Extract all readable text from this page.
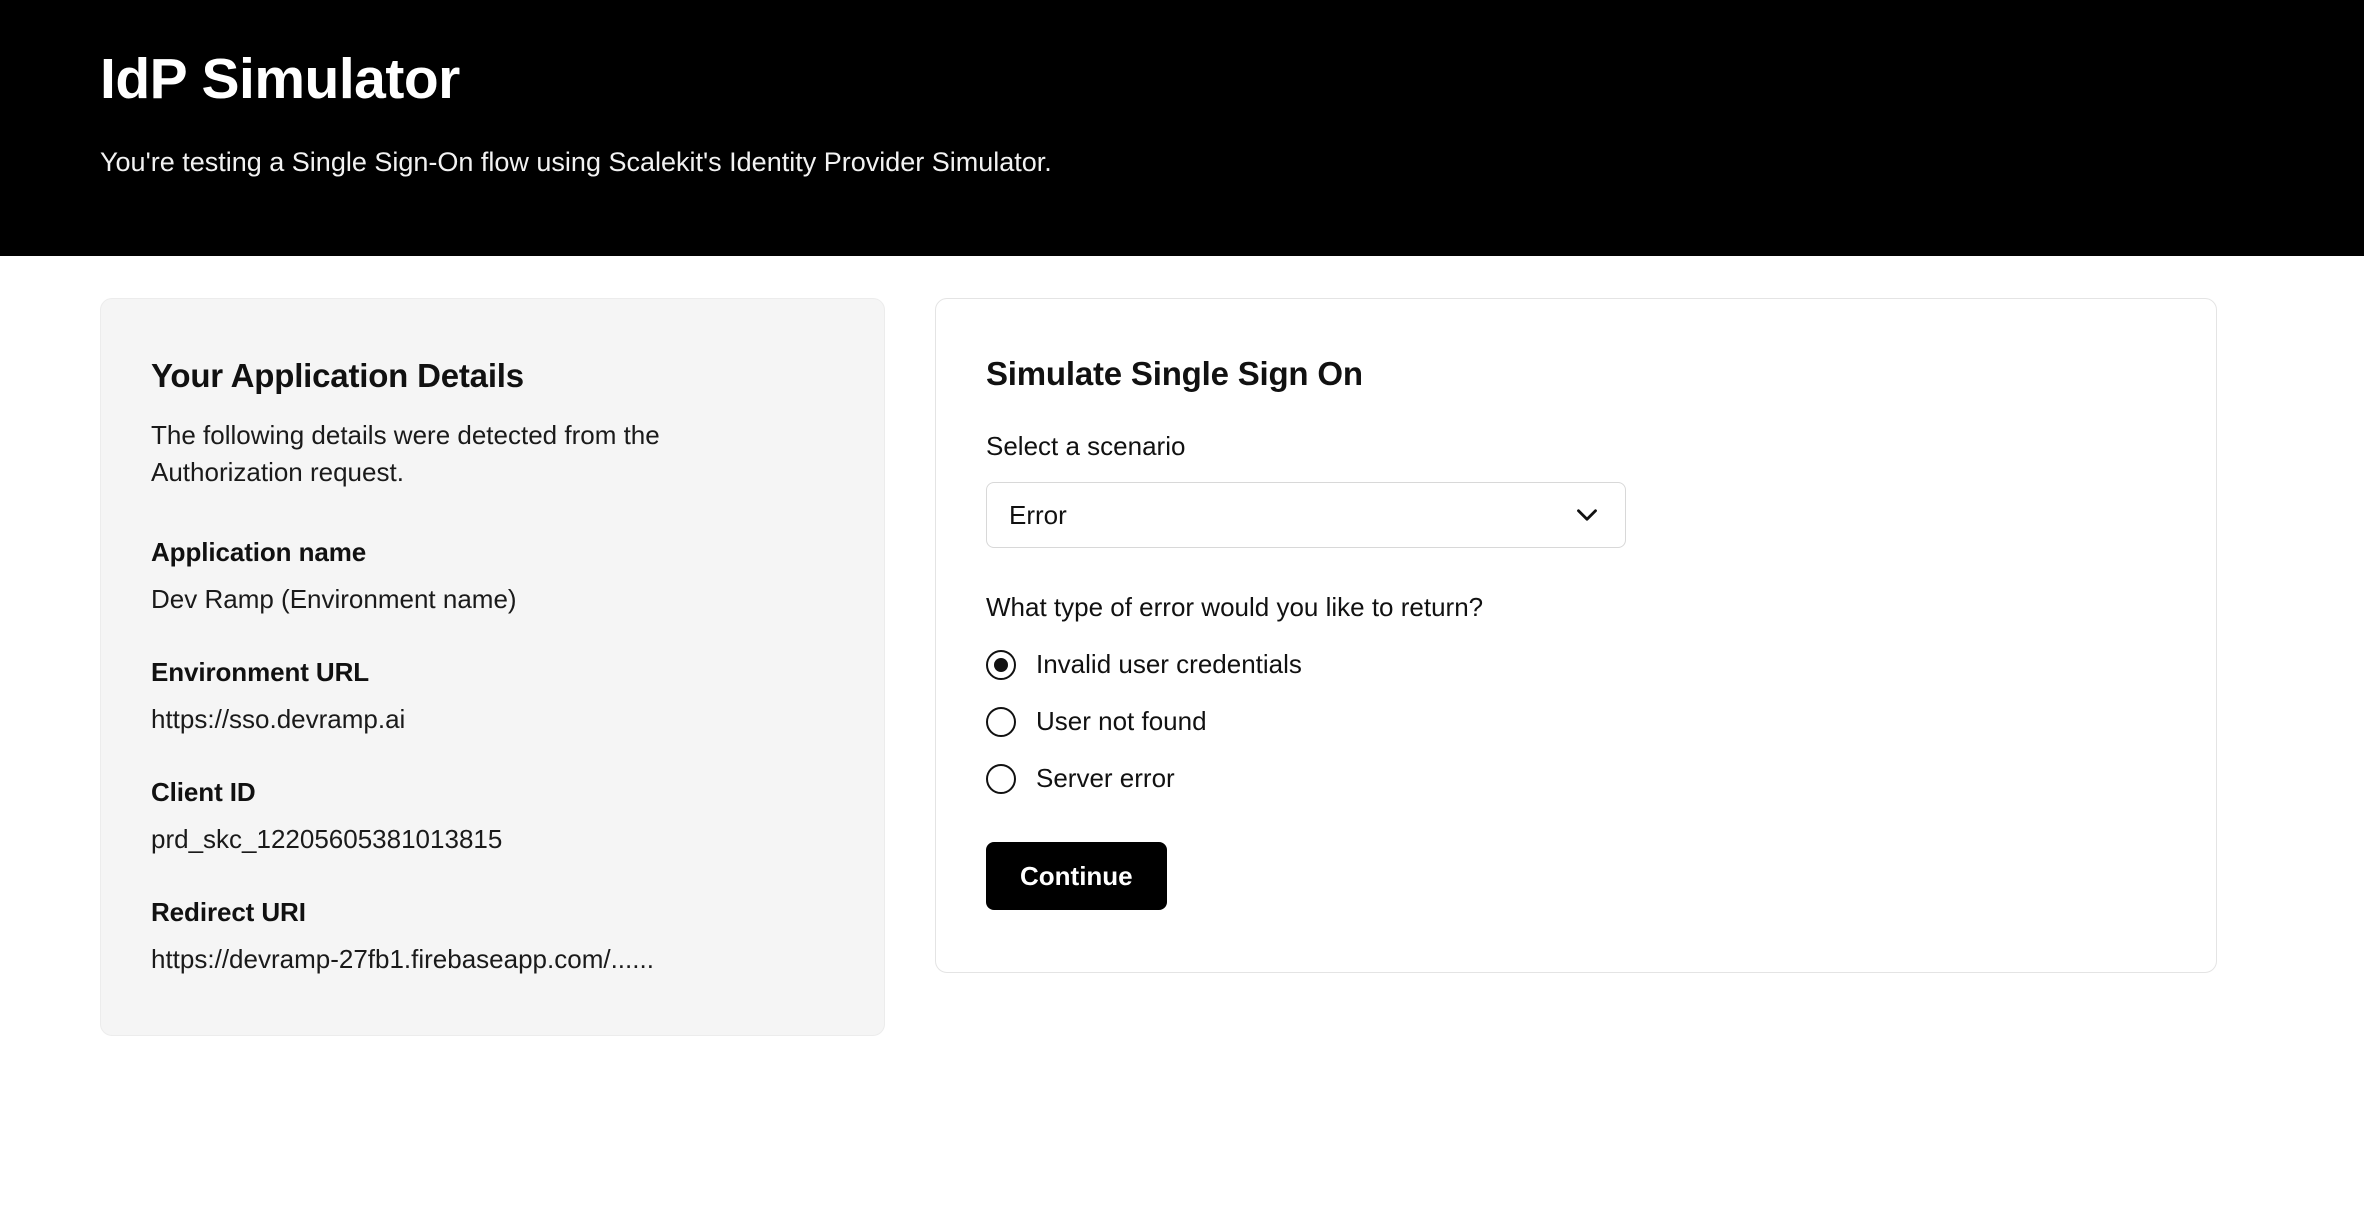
IdP Simulator

You're testing a Single Sign-On flow using Scalekit's Identity Provider Simulator.

Your Application Details

The following details were detected from the Authorization request.

Application name
Dev Ramp (Environment name)
Environment URL
https://sso.devramp.ai
Client ID
prd_skc_12205605381013815
Redirect URI
https://devramp-27fb1.firebaseapp.com/......
Simulate Single Sign On
Select a scenario
Error
What type of error would you like to return?
Invalid user credentials
User not found
Server error
Continue
